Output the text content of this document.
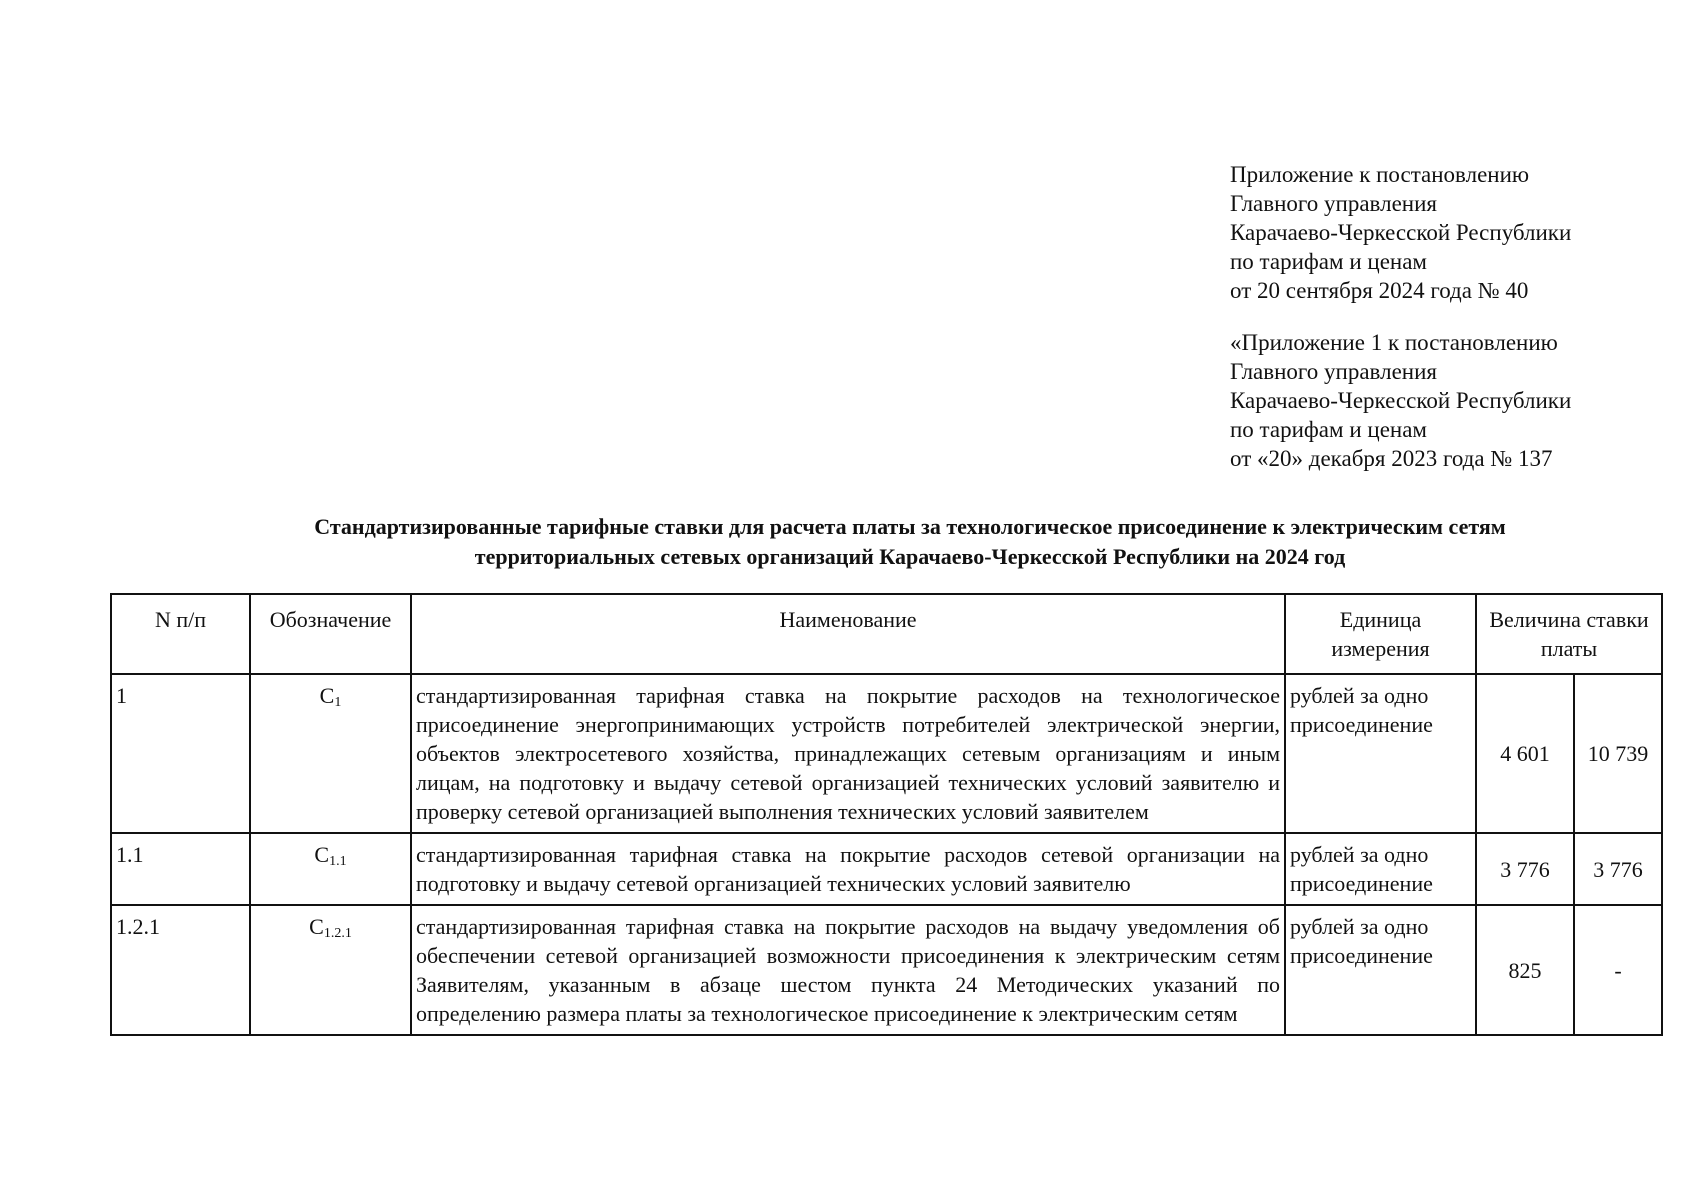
Приложение к постановлению
Главного управления
Карачаево-Черкесской Республики
по тарифам и ценам
от 20 сентября 2024 года № 40
«Приложение 1 к постановлению
Главного управления
Карачаево-Черкесской Республики
по тарифам и ценам
от «20» декабря 2023 года № 137
Стандартизированные тарифные ставки для расчета платы за технологическое присоединение к электрическим сетям
территориальных сетевых организаций Карачаево-Черкесской Республики на 2024 год
N п/п	Обозначение	Наименование	Единица измерения	Величина ставки платы	
1	$C_1$	стандартизированная тарифная ставка на покрытие расходов на технологическое присоединение энергопринимающих устройств потребителей электрической энергии, объектов электросетевого хозяйства, принадлежащих сетевым организациям и иным лицам, на подготовку и выдачу сетевой организацией технических условий заявителю и проверку сетевой организацией выполнения технических условий заявителем	рублей за одно присоединение	4 601	10 739
1.1	$C_{1.1}$	стандартизированная тарифная ставка на покрытие расходов сетевой организации на подготовку и выдачу сетевой организацией технических условий заявителю	рублей за одно присоединение	3 776	3 776
1.2.1	$C_{1.2.1}$	стандартизированная тарифная ставка на покрытие расходов на выдачу уведомления об обеспечении сетевой организацией возможности присоединения к электрическим сетям Заявителям, указанным в абзаце шестом пункта 24 Методических указаний по определению размера платы за технологическое присоединение к электрическим сетям	рублей за одно присоединение	825	-
